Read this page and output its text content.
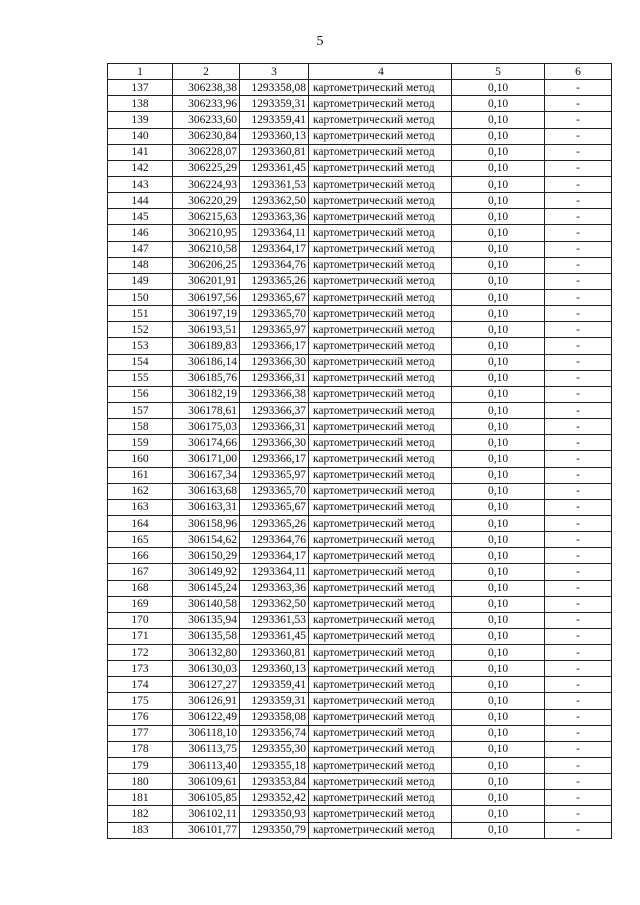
5
1	2	3	4	5	6
137	306238,38	1293358,08	картометрический метод	0,10	-
138	306233,96	1293359,31	картометрический метод	0,10	-
139	306233,60	1293359,41	картометрический метод	0,10	-
140	306230,84	1293360,13	картометрический метод	0,10	-
141	306228,07	1293360,81	картометрический метод	0,10	-
142	306225,29	1293361,45	картометрический метод	0,10	-
143	306224,93	1293361,53	картометрический метод	0,10	-
144	306220,29	1293362,50	картометрический метод	0,10	-
145	306215,63	1293363,36	картометрический метод	0,10	-
146	306210,95	1293364,11	картометрический метод	0,10	-
147	306210,58	1293364,17	картометрический метод	0,10	-
148	306206,25	1293364,76	картометрический метод	0,10	-
149	306201,91	1293365,26	картометрический метод	0,10	-
150	306197,56	1293365,67	картометрический метод	0,10	-
151	306197,19	1293365,70	картометрический метод	0,10	-
152	306193,51	1293365,97	картометрический метод	0,10	-
153	306189,83	1293366,17	картометрический метод	0,10	-
154	306186,14	1293366,30	картометрический метод	0,10	-
155	306185,76	1293366,31	картометрический метод	0,10	-
156	306182,19	1293366,38	картометрический метод	0,10	-
157	306178,61	1293366,37	картометрический метод	0,10	-
158	306175,03	1293366,31	картометрический метод	0,10	-
159	306174,66	1293366,30	картометрический метод	0,10	-
160	306171,00	1293366,17	картометрический метод	0,10	-
161	306167,34	1293365,97	картометрический метод	0,10	-
162	306163,68	1293365,70	картометрический метод	0,10	-
163	306163,31	1293365,67	картометрический метод	0,10	-
164	306158,96	1293365,26	картометрический метод	0,10	-
165	306154,62	1293364,76	картометрический метод	0,10	-
166	306150,29	1293364,17	картометрический метод	0,10	-
167	306149,92	1293364,11	картометрический метод	0,10	-
168	306145,24	1293363,36	картометрический метод	0,10	-
169	306140,58	1293362,50	картометрический метод	0,10	-
170	306135,94	1293361,53	картометрический метод	0,10	-
171	306135,58	1293361,45	картометрический метод	0,10	-
172	306132,80	1293360,81	картометрический метод	0,10	-
173	306130,03	1293360,13	картометрический метод	0,10	-
174	306127,27	1293359,41	картометрический метод	0,10	-
175	306126,91	1293359,31	картометрический метод	0,10	-
176	306122,49	1293358,08	картометрический метод	0,10	-
177	306118,10	1293356,74	картометрический метод	0,10	-
178	306113,75	1293355,30	картометрический метод	0,10	-
179	306113,40	1293355,18	картометрический метод	0,10	-
180	306109,61	1293353,84	картометрический метод	0,10	-
181	306105,85	1293352,42	картометрический метод	0,10	-
182	306102,11	1293350,93	картометрический метод	0,10	-
183	306101,77	1293350,79	картометрический метод	0,10	-
